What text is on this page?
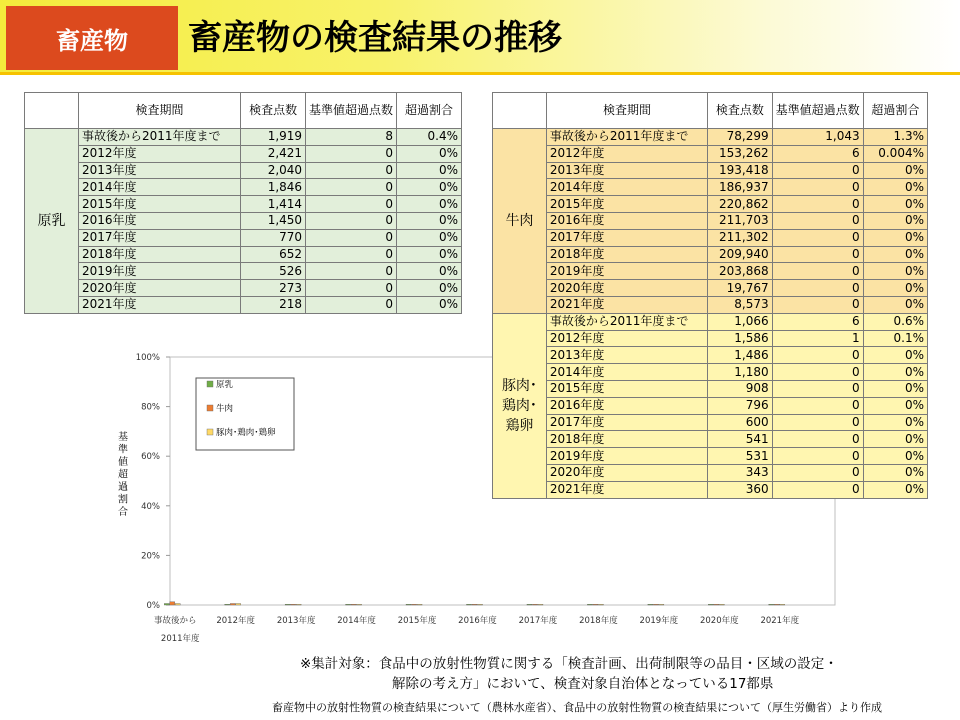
畜産物	畜産物の検査結果の推移
0%
20%
40%
60%
80%
100%
基準値超過割合
事故後から
2011年度
2012年度	2013年度	2014年度	2015年度	2016年度	2017年度	2018年度	2019年度	2020年度	2021年度
原乳
牛肉
豚肉･鶏肉･鶏卵
	検査期間	検査点数	基準値超過点数	超過割合
原乳	事故後から2011年度まで	1,919	8	0.4%
	2012年度	2,421	0	0%
	2013年度	2,040	0	0%
	2014年度	1,846	0	0%
	2015年度	1,414	0	0%
	2016年度	1,450	0	0%
	2017年度	770	0	0%
	2018年度	652	0	0%
	2019年度	526	0	0%
	2020年度	273	0	0%
	2021年度	218	0	0%
	検査期間	検査点数	基準値超過点数	超過割合
牛肉	事故後から2011年度まで	78,299	1,043	1.3%
	2012年度	153,262	6	0.004%
	2013年度	193,418	0	0%
	2014年度	186,937	0	0%
	2015年度	220,862	0	0%
	2016年度	211,703	0	0%
	2017年度	211,302	0	0%
	2018年度	209,940	0	0%
	2019年度	203,868	0	0%
	2020年度	19,767	0	0%
	2021年度	8,573	0	0%
豚肉･
鶏肉･
鶏卵	事故後から2011年度まで	1,066	6	0.6%
	2012年度	1,586	1	0.1%
	2013年度	1,486	0	0%
	2014年度	1,180	0	0%
	2015年度	908	0	0%
	2016年度	796	0	0%
	2017年度	600	0	0%
	2018年度	541	0	0%
	2019年度	531	0	0%
	2020年度	343	0	0%
	2021年度	360	0	0%
※集計対象：食品中の放射性物質に関する「検査計画、出荷制限等の品目・区域の設定・
解除の考え方」において、検査対象自治体となっている17都県
畜産物中の放射性物質の検査結果について（農林水産省）、食品中の放射性物質の検査結果について（厚生労働省）より作成
